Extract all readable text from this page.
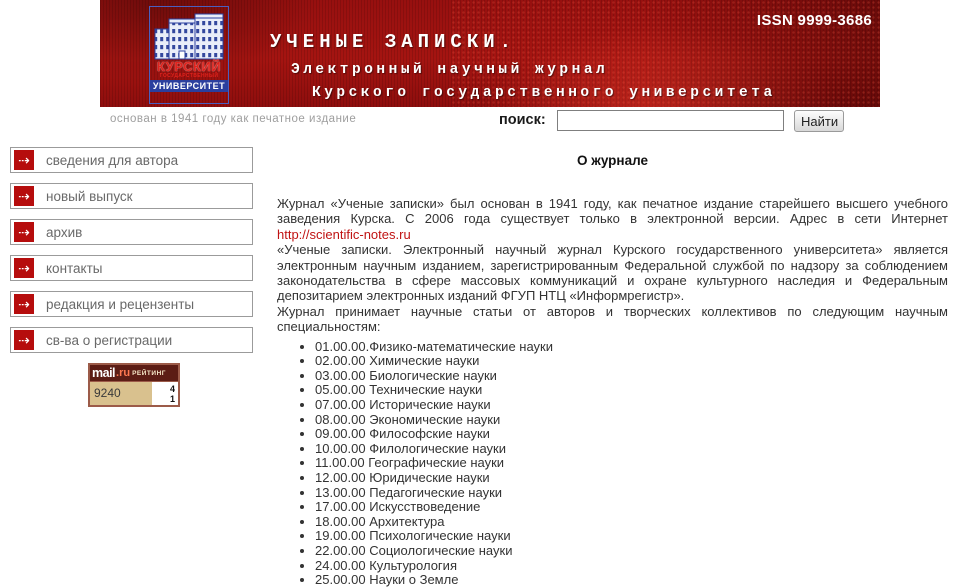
КУРСКИЙ
ГОСУДАРСТВЕННЫЙ
УНИВЕРСИТЕТ
УЧЕНЫЕ ЗАПИСКИ.
Электронный научный журнал
Курского государственного университета
ISSN 9999-3686
основан в 1941 году как печатное издание	поиск:	Найти
⇢	сведения для автора
⇢	новый выпуск
⇢	архив
⇢	контакты
⇢	редакция и рецензенты
⇢	св-ва о регистрации
mail .ru РЕЙТИНГ
9240	4
1
О журнале

Журнал «Ученые записки» был основан в 1941 году, как печатное издание старейшего высшего учебного заведения Курска. С 2006 года существует только в электронной версии. Адрес в сети Интернет http://scientific-notes.ru

«Ученые записки. Электронный научный журнал Курского государственного университета» является электронным научным изданием, зарегистрированным Федеральной службой по надзору за соблюдением законодательства в сфере массовых коммуникаций и охране культурного наследия и Федеральным депозитарием электронных изданий ФГУП НТЦ «Информрегистр».

Журнал принимает научные статьи от авторов и творческих коллективов по следующим научным специальностям:

• 01.00.00.Физико-математические науки
• 02.00.00 Химические науки
• 03.00.00 Биологические науки
• 05.00.00 Технические науки
• 07.00.00 Исторические науки
• 08.00.00 Экономические науки
• 09.00.00 Философские науки
• 10.00.00 Филологические науки
• 11.00.00 Географические науки
• 12.00.00 Юридические науки
• 13.00.00 Педагогические науки
• 17.00.00 Искусствоведение
• 18.00.00 Архитектура
• 19.00.00 Психологические науки
• 22.00.00 Социологические науки
• 24.00.00 Культурология
• 25.00.00 Науки о Земле
